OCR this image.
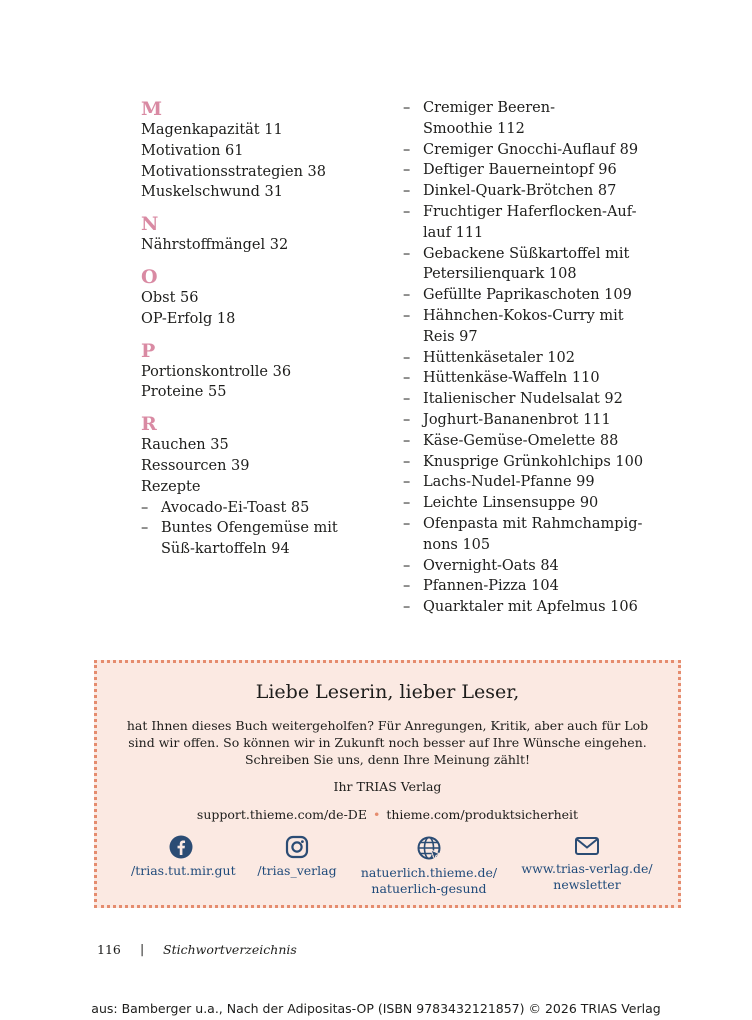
M

Magenkapazität 11

Motivation 61

Motivationsstrategien 38

Muskelschwund 31

N

Nährstoffmängel 32

O

Obst 56

OP-Erfolg 18

P

Portionskontrolle 36

Proteine 55

R

Rauchen 35

Ressourcen 39

Rezepte

– Avocado-Ei-Toast 85
– Buntes Ofengemüse mit Süß-kartoffeln 94
– Cremiger Beeren-Smoothie 112
– Cremiger Gnocchi-Auflauf 89
– Deftiger Bauerneintopf 96
– Dinkel-Quark-Brötchen 87
– Fruchtiger Haferflocken-Auf-lauf 111
– Gebackene Süßkartoffel mit Petersilienquark 108
– Gefüllte Paprikaschoten 109
– Hähnchen-Kokos-Curry mit Reis 97
– Hüttenkäsetaler 102
– Hüttenkäse-Waffeln 110
– Italienischer Nudelsalat 92
– Joghurt-Bananenbrot 111
– Käse-Gemüse-Omelette 88
– Knusprige Grünkohlchips 100
– Lachs-Nudel-Pfanne 99
– Leichte Linsensuppe 90
– Ofenpasta mit Rahmchampig-nons 105
– Overnight-Oats 84
– Pfannen-Pizza 104
– Quarktaler mit Apfelmus 106
Liebe Leserin, lieber Leser,
hat Ihnen dieses Buch weitergeholfen? Für Anregungen, Kritik, aber auch für Lob sind wir offen. So können wir in Zukunft noch besser auf Ihre Wünsche eingehen. Schreiben Sie uns, denn Ihre Meinung zählt!
Ihr TRIAS Verlag
support.thieme.com/de-DE • thieme.com/produktsicherheit
/trias.tut.mir.gut	/trias_verlag	natuerlich.thieme.de/
natuerlich-gesund
www.trias-verlag.de/
newsletter
116 | Stichwortverzeichnis
aus: Bamberger u.a., Nach der Adipositas-OP (ISBN 9783432121857) © 2026 TRIAS Verlag
